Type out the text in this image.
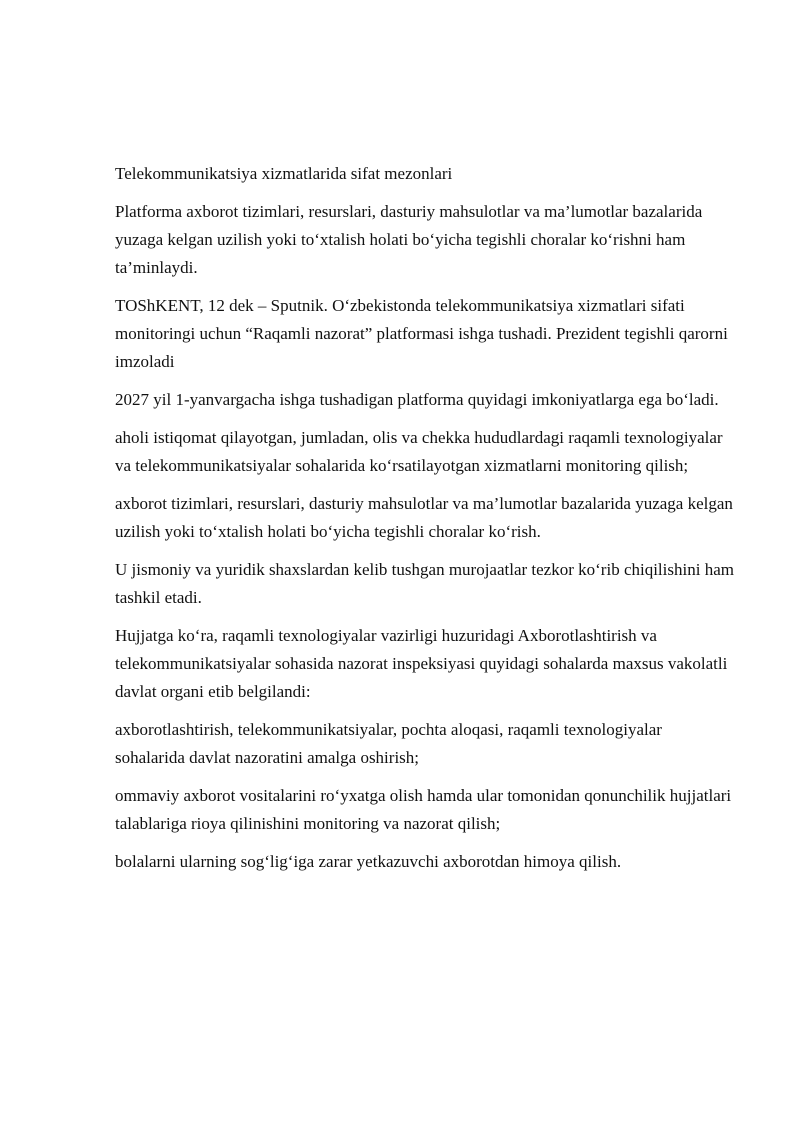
Telekommunikatsiya xizmatlarida sifat mezonlari

Platforma axborot tizimlari, resurslari, dasturiy mahsulotlar va ma’lumotlar bazalarida yuzaga kelgan uzilish yoki to‘xtalish holati bo‘yicha tegishli choralar ko‘rishni ham ta’minlaydi.

TOShKENT, 12 dek – Sputnik. O‘zbekistonda telekommunikatsiya xizmatlari sifati monitoringi uchun “Raqamli nazorat” platformasi ishga tushadi. Prezident tegishli qarorni imzoladi

2027 yil 1-yanvargacha ishga tushadigan platforma quyidagi imkoniyatlarga ega bo‘ladi.

aholi istiqomat qilayotgan, jumladan, olis va chekka hududlardagi raqamli texnologiyalar va telekommunikatsiyalar sohalarida ko‘rsatilayotgan xizmatlarni monitoring qilish;

axborot tizimlari, resurslari, dasturiy mahsulotlar va ma’lumotlar bazalarida yuzaga kelgan uzilish yoki to‘xtalish holati bo‘yicha tegishli choralar ko‘rish.

U jismoniy va yuridik shaxslardan kelib tushgan murojaatlar tezkor ko‘rib chiqilishini ham tashkil etadi.

Hujjatga ko‘ra, raqamli texnologiyalar vazirligi huzuridagi Axborotlashtirish va telekommunikatsiyalar sohasida nazorat inspeksiyasi quyidagi sohalarda maxsus vakolatli davlat organi etib belgilandi:

axborotlashtirish, telekommunikatsiyalar, pochta aloqasi, raqamli texnologiyalar sohalarida davlat nazoratini amalga oshirish;

ommaviy axborot vositalarini ro‘yxatga olish hamda ular tomonidan qonunchilik hujjatlari talablariga rioya qilinishini monitoring va nazorat qilish;

bolalarni ularning sog‘lig‘iga zarar yetkazuvchi axborotdan himoya qilish.
